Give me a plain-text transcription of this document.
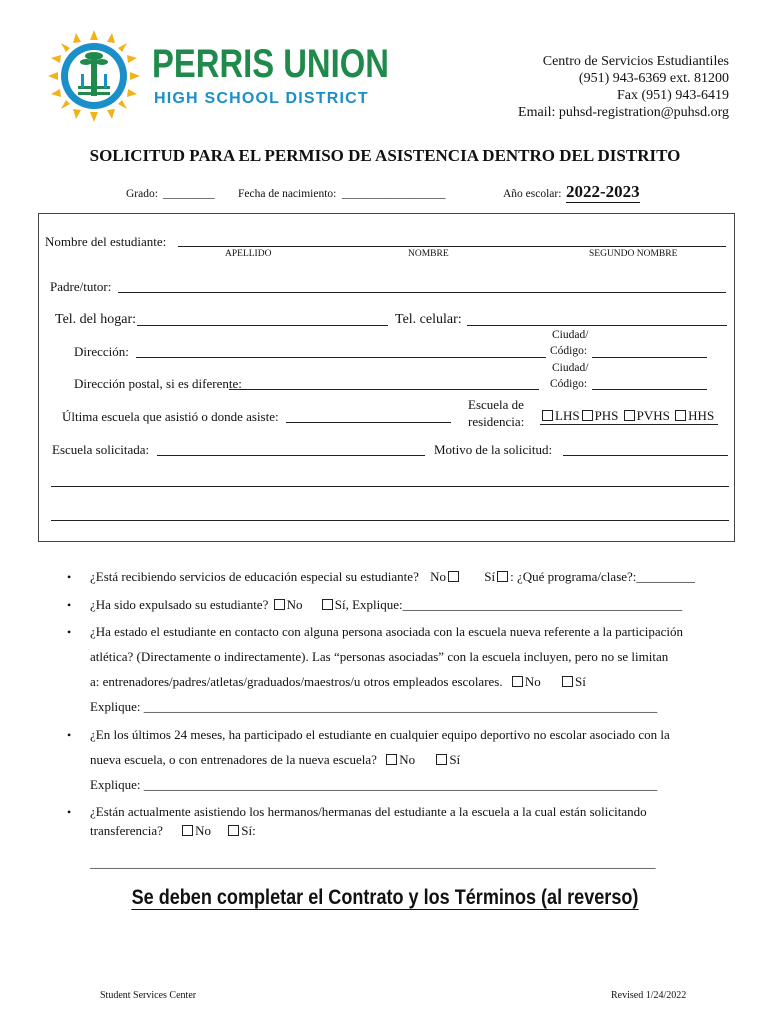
PERRIS UNION
HIGH SCHOOL DISTRICT
Centro de Servicios Estudiantiles
(951) 943-6369 ext. 81200
Fax (951) 943-6419
Email: puhsd-registration@puhsd.org
SOLICITUD PARA EL PERMISO DE ASISTENCIA DENTRO DEL DISTRITO
Grado: _________ Fecha de nacimiento: __________________	Año escolar: 2022-2023
Nombre del estudiante:
APELLIDO	NOMBRE	SEGUNDO NOMBRE
Padre/tutor:
Tel. del hogar:	Tel. celular:
Ciudad/
Dirección:	Código:
Ciudad/
Dirección postal, si es diferente:	Código:
Escuela de
Última escuela que asistió o donde asiste:	residencia:	LHS PHS PVHS HHS
Escuela solicitada:	Motivo de la solicitud:
• ¿Está recibiendo servicios de educación especial su estudiante? No	Sí : ¿Qué programa/clase?:_________
• ¿Ha sido expulsado su estudiante? No Sí, Explique:___________________________________________
• ¿Ha estado el estudiante en contacto con alguna persona asociada con la escuela nueva referente a la participación
atlética? (Directamente o indirectamente). Las “personas asociadas” con la escuela incluyen, pero no se limitan
a: entrenadores/padres/atletas/graduados/maestros/u otros empleados escolares. No	Sí
Explique: _______________________________________________________________________________
• ¿En los últimos 24 meses, ha participado el estudiante en cualquier equipo deportivo no escolar asociado con la
nueva escuela, o con entrenadores de la nueva escuela? No	Sí
Explique: _______________________________________________________________________________
• ¿Están actualmente asistiendo los hermanos/hermanas del estudiante a la escuela a la cual están solicitando
transferencia? No Sí:
_______________________________________________________________________________________
Se deben completar el Contrato y los Términos (al reverso)
Student Services Center	Revised 1/24/2022
